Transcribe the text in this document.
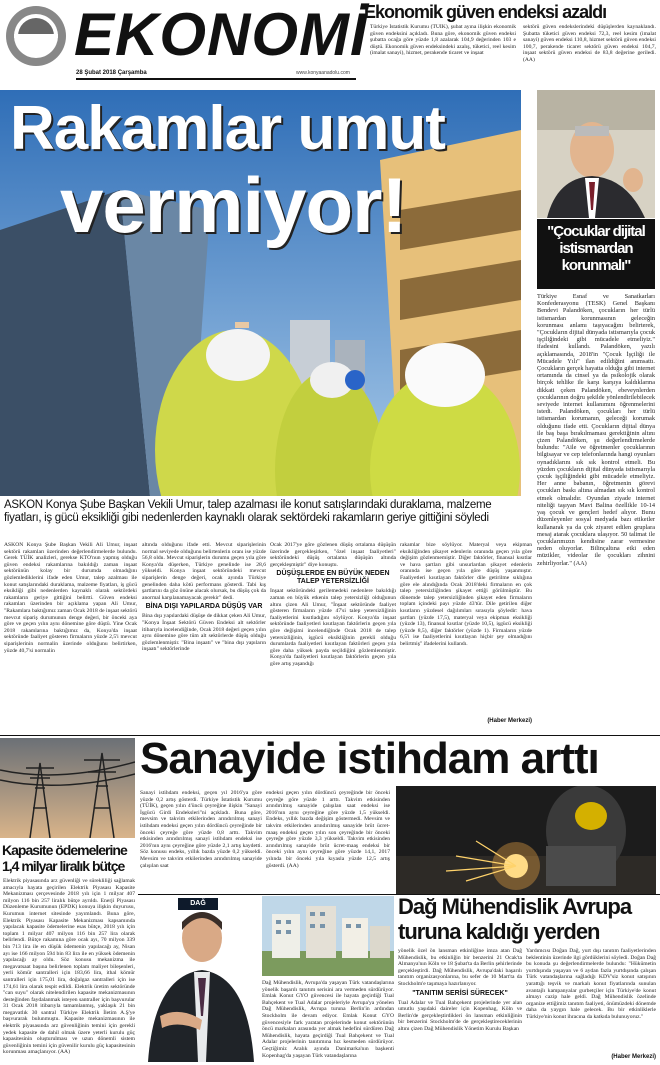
EKONOMİ
28 Şubat 2018 Çarşamba	www.konyaanadolu.com
Ekonomik güven endeksi azaldı
Türkiye İstatistik Kurumu (TÜİK), şubat ayına ilişkin ekonomik güven endeksini açıkladı. Buna göre, ekonomik güven endeksi şubatta ocağa göre yüzde 1,8 azalarak 104,9 değerinden 103 e düştü. Ekonomik güven endeksindeki azalış, tüketici, reel kesim (imalat sanayi), hizmet, perakende ticaret ve inşaat
sektörü güven endekslerindeki düşüşlerden kaynaklandı. Şubatta tüketici güven endeksi 72,3, reel kesim (imalat sanayi) güven endeksi 110,8, hizmet sektörü güven endeksi 100,7, perakende ticaret sektörü güven endeksi 104,7, inşaat sektörü güven endeksi de 83,8 değerine geriledi. (AA)
Rakamlar umut
vermiyor!	"Çocuklar dijital istismardan korunmalı"
Türkiye Esnaf ve Sanatkarları Konfederasyonu (TESK) Genel Başkanı Bendevi Palandöken, çocukların her türlü istismardan korunmasının geleceğin korunması anlamı taşıyacağını belirterek, "Çocukların dijital dünyada istismarıyla çocuk işçiliğindeki gibi mücadele etmeliyiz." ifadesini kullandı. Palandöken, yazılı açıklamasında, 2018'in "Çocuk İşçiliği ile Mücadele Yılı" ilan edildiğini anımsattı. Çocukların gerçek hayatta olduğu gibi internet ortamında da cinsel ya da psikolojik olarak birçok tehlike ile karşı karşıya kaldıklarına dikkati çeken Palandöken, ebeveynlerden çocuklarının doğru şekilde yönlendirilebilecek seviyede internet kullanımını öğrenmelerini istedi. Palandöken, çocukları her türlü istismardan korumanın, geleceği korumak olduğunu ifade etti. Çocukların dijital dünya ile baş başa bırakılmaması gerektiğinin altını çizen Palandöken, şu değerlendirmelerde bulundu: "Aile ve öğretmenler çocuklarının bilgisayar ve cep telefonlarında hangi oyunları oynadıklarını sık sık kontrol etmeli. Bu yüzden çocukların dijital dünyada istismarıyla çocuk işçiliğindeki gibi mücadele etmeliyiz. Her anne babanın, öğretmenin görevi çocukları baskı altına almadan sık sık kontrol etmek olmalıdır. Oyundan ziyade internet niteliği taşıyan Mavi Balina özellikle 10-14 yaş çocuk ve gençleri hedef alıyor. Bunu düzenleyenler sosyal medyada bazı etiketler kullanarak ya da çok ziyaret edilen gruplara mesaj atarak çocuklara ulaşıyor. 50 talimat ile çocuklarımızın kendisine zarar vermesine neden oluyorlar. Bilinçaltına etki eden müzikler, videolar ile çocukları zihnini zehirliyorlar." (AA)
ASKON Konya Şube Başkan Vekili Umur, talep azalması ile konut satışlarındaki duraklama, malzeme fiyatları, iş gücü eksikliği gibi nedenlerden kaynaklı olarak sektördeki rakamların geriye gittiğini söyledi
ASKON Konya Şube Başkan Vekili Ali Umur, inşaat sektörü rakamları üzerinden değerlendirmelerde bulundu. Gerek TÜİK analizleri, gerekse KTO'nun yapmış olduğu güven endeksi rakamlarına bakıldığı zaman inşaat sektörünün kolay bir durumda olmadığını gözlemlediklerini ifade eden Umur, talep azalması ile konut satışlarındaki duraklama, malzeme fiyatları, iş gücü eksikliği gibi nedenlerden kaynaklı olarak sektördeki rakamların geriye gittiğini belirtti. Güven endeksi rakamları üzerinden bir açıklama yapan Ali Umur, "Rakamlara baktığımız zaman Ocak 2018 de inşaat sektörü mevcut sipariş durumunun denge değeri, bir önceki aya göre ve geçen yılın aynı dönemine göre düştü. Yine Ocak 2018 rakamlarına baktığımız da, Konya'da inşaat sektöründe faaliyet gösteren firmaların yüzde 2,5'i mevcut siparişlerinin normalin üzerinde olduğunu belirtirken, yüzde 40,7'si normalin
altında olduğunu ifade etti. Mevcut siparişlerinin normal seviyede olduğunu belirtenlerin oranı ise yüzde 56,8 oldu. Mevcut siparişlerin durumu geçen yıla göre Konya'da düşerken, Türkiye genelinde ise 28,6 yükseldi. Konya inşaat sektöründeki mevcut siparişlerin denge değeri, ocak ayında Türkiye genelinden daha kötü performans gösterdi. Tabi kış şartlarını da göz önüne alacak olursak, bu düşüş çok da anormal karşılanamayacak gerekir" dedi.
BİNA DIŞI YAPILARDA DÜŞÜŞ VAR
Bina dışı yapılardaki düşüşe de dikkat çeken Ali Umur, "Konya İnşaat Sektörü Güven Endeksi alt sektörler itibarıyla incelendiğinde, Ocak 2018 değeri geçen yılın aynı dönemine göre tüm alt sektörlerde düşüş olduğu gözlemlenmiştir. "Bina inşaatı" ve "bina dışı yapıların inşaatı" sektörlerinde
Ocak 2017'ye göre gözlenen düşüş ortalama düşüşün üzerinde gerçekleşirken, "özel inşaat faaliyetleri" sektöründeki düşüş ortalama düşüşün altında gerçekleşmiştir" diye konuştu.
DÜŞÜŞLERDE EN BÜYÜK NEDEN TALEP YETERSİZLİĞİ
İnşaat sektöründeki gerilemedeki nedenlere bakıldığı zaman en büyük etkenin talep yetersizliği olduğunun altını çizen Ali Umur, "İnşaat sektöründe faaliyet gösteren firmaların yüzde 47'si talep yetersizliğinin faaliyetlerini kısıtladığını söylüyor. Konya'da inşaat sektöründe faaliyetleri kısıtlayan faktörlerin geçen yıla göre değişimi incelendiğinde Ocak 2018 de talep yetersizliğinin, işgücü eksikliğinin gerekli olduğu durumlarda faaliyetleri kısıtlayan faktörleri geçen yıla göre daha yüksek payda seçildiğini gözlemlenmiştir. Konya'da faaliyetleri kısıtlayan faktörlerin geçen yıla göre artış yaşandığı
rakamlar bize söylüyor. Materyal veya ekipman eksikliğinden şikayet edenlerin oranında geçen yıla göre değişim gözlenmemiştir. Diğer faktörler, finansal kısıtlar ve hava şartları gibi unsurlardan şikayet edenlerin oranında ise geçen yıla göre düşüş yaşanmıştır. Faaliyetleri kısıtlayan faktörler dile getirilme sıklığına göre ele alındığında Ocak 2018'deki firmaların en çok talep yetersizliğinden şikayet ettiği görülmüştür. Bu dönemde talep yetersizliğinden şikayet eden firmaların toplam içindeki payı yüzde 43'tür. Dile getirilen diğer kısıtların yüzdesel dağılımları sırasıyla şöyledir: hava şartları (yüzde 17,5), materyal veya ekipman eksikliği (yüzde 13), finansal kısıtlar (yüzde 10,5), işgücü eksikliği (yüzde 8,5), diğer faktörler (yüzde 1). Firmaların yüzde 6,5'i ise faaliyetlerini kısıtlayan hiçbir şey olmadığını belirtmiş" ifadelerini kullandı.
(Haber Merkezi)
Sanayide istihdam arttı
Sanayi istihdam endeksi, geçen yıl 2016'ya göre yüzde 0,2 artış gösterdi. Türkiye İstatistik Kurumu (TÜİK), geçen yılın 4'üncü çeyreğine ilişkin "Sanayi İşgücü Girdi Endeksleri"ni açıkladı. Buna göre, mevsim ve takvim etkilerinden arındırılmış sanayi istihdam endeksi geçen yılın dördüncü çeyreğinde bir önceki çeyreğe göre yüzde 0,8 arttı. Takvim etkisinden arındırılmış sanayi istihdam endeksi ise 2016'nın aynı çeyreğine göre yüzde 2,1 artış kaydetti. Söz konusu endeks, yıllık bazda yüzde 0,2 yükseldi. Mevsim ve takvim etkilerinden arındırılmış sanayide çalışılan saat
endeksi geçen yılın dördüncü çeyreğinde bir önceki çeyreğe göre yüzde 1 arttı. Takvim etkisinden arındırılmış sanayide çalışılan saat endeksi ise 2016'nın aynı çeyreğine göre yüzde 1,5 yükseldi. Endeks, yıllık bazda değişim göstermedi. Mevsim ve takvim etkilerinden arındırılmış sanayide brüt ücret-maaş endeksi geçen yılın son çeyreğinde bir önceki çeyreğe göre yüzde 3,3 yükseldi. Takvim etkisinden arındırılmış sanayide brüt ücret-maaş endeksi bir önceki yılın aynı çeyreğine göre yüzde 14,1, 2017 yılında bir önceki yıla kıyasla yüzde 12,5 artış gösterdi. (AA)
Kapasite ödemelerine 1,4 milyar liralık bütçe
Elektrik piyasasında arz güvenliği ve sürekliliği sağlamak amacıyla hayata geçirilen Elektrik Piyasası Kapasite Mekanizması çerçevesinde 2018 yılı için 1 milyar 407 milyon 116 bin 257 liralık bütçe ayrıldı. Enerji Piyasası Düzenleme Kurumunun (EPDK) konuya ilişkin duyurusu, Kurumun internet sitesinde yayımlandı. Buna göre, Elektrik Piyasası Kapasite Mekanizması kapsamında yapılacak kapasite ödemelerine esas bütçe, 2018 yılı için toplam 1 milyar 407 milyon 116 bin 257 lira olarak belirlendi. Bütçe rakamına göre ocak ayı, 70 milyon 339 bin 713 lira ile en düşük ödemenin yapılacağı ay, Nisan ayı ise 166 milyon 594 bin 83 lira ile en yüksek ödemenin yapılacağı ay oldu. Söz konusu mekanizma ile megavatsaat başına belirlenen toplam maliyet bileşenleri, yerli kömür santralleri için 183,66 lira, ithal kömür santralleri için 175,01 lira, doğalgaz santralleri için ise 174,61 lira olarak tespit edildi. Elektrik üretim sektöründe "can suyu" olarak nitelendirilen kapasite mekanizmasının desteğinden faydalanmak isteyen santraller için başvurular 31 Ocak 2018 itibarıyla tamamlanmış, yaklaşık 21 bin megavatlık 30 santral Türkiye Elektrik İletim A.Ş'ye başvurarak bulunmuştu. Kapasite mekanizmasının ile elektrik piyasasında arz güvenliğinin temini için gerekli yedek kapasite de dahil olmak üzere yeterli kurulu güç kapasitesinin oluşturulması ve uzun dönemli sistem güvenliğinin temini için güvenilir kurulu güç kapasitesinin korunması amaçlanıyor. (AA)
DAĞ	Dağ Mühendislik Avrupa
turuna kaldığı yerden
Dağ Mühendislik, Avrupa'da yaşayan Türk vatandaşlarına yönelik başarılı tanıtım serisini ara vermeden sürdürüyor. Emlak Konut GYO güvencesi ile hayata geçirdiği Tual Bahçekent ve Tual Adalar projeleriyle Avrupa'ya yönelen Dağ Mühendislik, Avrupa turuna Berlin'in ardından Stockholm ile devam ediyor. Emlak Konut GYO güvencesiyle fark yaratan projelerinde konut sektörünün öncü markaları arasında yer almak hedefini sürdüren Dağ Mühendislik, hayata geçirdiği Tual Bahçekent ve Tual Adalar projelerinin tanıtımına hız kesmeden sürdürüyor. Geçtiğimiz Aralık ayında Danimarka'nın başkenti Kopenhag'da yaşayan Türk vatandaşlarına
yönelik özel ön lansman etkinliğine imza atan Dağ Mühendislik, bu etkinliğin bir benzerini 21 Ocak'ta Almanya'nın Köln ve 18 Şubat'ta da Berlin şehirlerinde gerçekleştirdi. Dağ Mühendislik, Avrupa'daki başarılı tanıtım organizasyonlarına, bu sefer de 10 Mart'ta da Stockholm'e taşımaya hazırlanıyor.
"TANITIM SERİSİ SÜRECEK"
Tual Adalar ve Tual Bahçekent projelerinde yer alan umutlu yaşıdaki daireler için Kopenhag, Köln ve Berlin'de gerçekleştirdikleri ön lansman etkinliğinin bir benzerini Stockholm'de de gerçekleştireceklerinin altını çizen Dağ Mühendislik Yönetim Kurulu Başkan
Yardımcısı Doğan Dağ, yurt dışı tanıtım faaliyetlerinden beklentinin üzerinde ilgi gördüklerini söyledi. Doğan Dağ bu konuda şu değerlendirmelerde bulundu: "Hükümetin yurtdışında yaşayan ve 6 aydan fazla yurtdışında çalışan Türk vatandaşlarına sağladığı KDV'siz konut satışının yarattığı teşvik ve markalı konut fiyatlarında sunulan avantajlı kampanyalar gurbetçiler için Türkiye'de konut almayı cazip hale geldi. Dağ Mühendislik özelinde organize ettiğimiz tanıtım faaliyeti, önümüzdeki dönemde daha da yaygın hale gelecek. Bu bir etkinliklerle Türkiye'nin konut ihracına da katkıda bulunuyoruz."
(Haber Merkezi)
